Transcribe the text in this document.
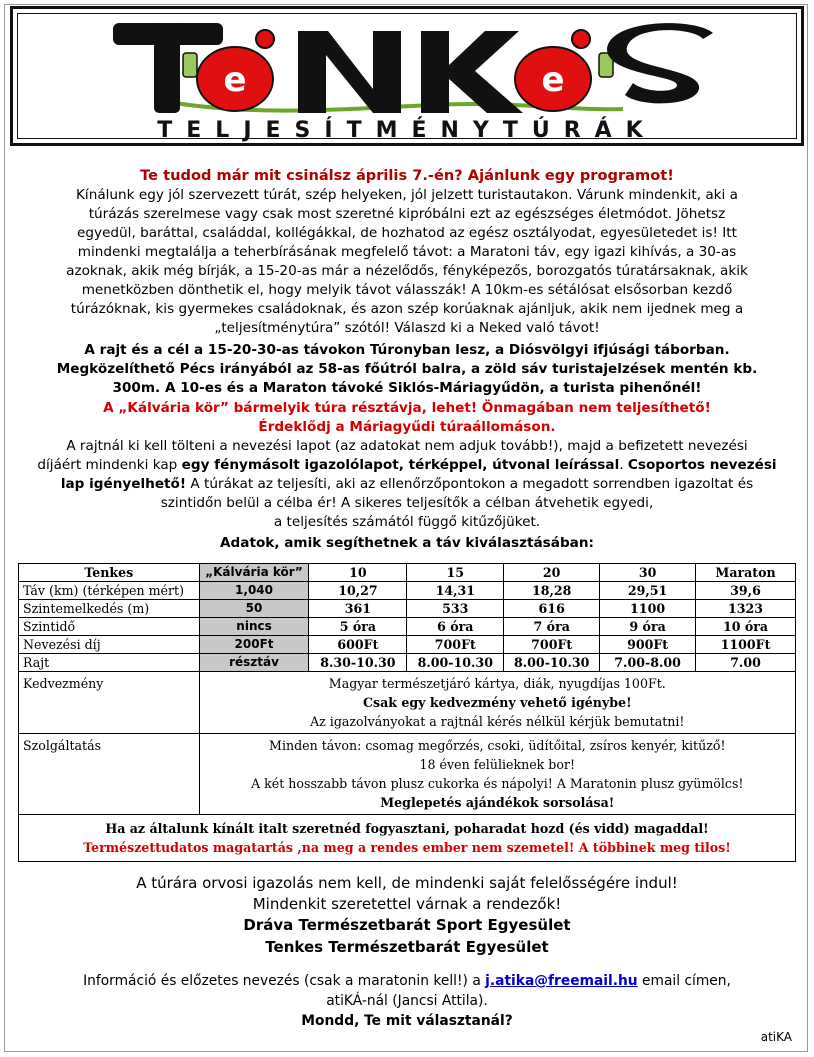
e	e
TELJESÍTMÉNYTÚRÁK
Te tudod már mit csinálsz április 7.-én? Ajánlunk egy programot!
Kínálunk egy jól szervezett túrát, szép helyeken, jól jelzett turistautakon. Várunk mindenkit, aki a
túrázás szerelmese vagy csak most szeretné kipróbálni ezt az egészséges életmódot. Jöhetsz
egyedül, baráttal, családdal, kollégákkal, de hozhatod az egész osztályodat, egyesületedet is! Itt
mindenki megtalálja a teherbírásának megfelelő távot: a Maratoni táv, egy igazi kihívás, a 30-as
azoknak, akik még bírják, a 15-20-as már a nézelődős, fényképezős, borozgatós túratársaknak, akik
menetközben dönthetik el, hogy melyik távot válasszák! A 10km-es sétálósat elsősorban kezdő
túrázóknak, kis gyermekes családoknak, és azon szép korúaknak ajánljuk, akik nem ijednek meg a
„teljesítménytúra” szótól! Válaszd ki a Neked való távot!
A rajt és a cél a 15-20-30-as távokon Túronyban lesz, a Diósvölgyi ifjúsági táborban.
Megközelíthető Pécs irányából az 58-as főútról balra, a zöld sáv turistajelzések mentén kb.
300m. A 10-es és a Maraton távoké Siklós-Máriagyűdön, a turista pihenőnél!
A „Kálvária kör” bármelyik túra résztávja, lehet! Önmagában nem teljesíthető!
Érdeklődj a Máriagyűdi túraállomáson.
A rajtnál ki kell tölteni a nevezési lapot (az adatokat nem adjuk tovább!), majd a befizetett nevezési
díjáért mindenki kap egy fénymásolt igazolólapot, térképpel, útvonal leírással. Csoportos nevezési
lap igényelhető! A túrákat az teljesíti, aki az ellenőrzőpontokon a megadott sorrendben igazoltat és
szintidőn belül a célba ér! A sikeres teljesítők a célban átvehetik egyedi,
a teljesítés számától függő kitűzőjüket.
Adatok, amik segíthetnek a táv kiválasztásában:
Tenkes	„Kálvária kör”	10	15	20	30	Maraton
Táv (km) (térképen mért)	1,040	10,27	14,31	18,28	29,51	39,6
Szintemelkedés (m)	50	361	533	616	1100	1323
Szintidő	nincs	5 óra	6 óra	7 óra	9 óra	10 óra
Nevezési díj	200Ft	600Ft	700Ft	700Ft	900Ft	1100Ft
Rajt	résztáv	8.30-10.30	8.00-10.30	8.00-10.30	7.00-8.00	7.00
Kedvezmény	Magyar természetjáró kártya, diák, nyugdíjas 100Ft.
Csak egy kedvezmény vehető igénybe!
Az igazolványokat a rajtnál kérés nélkül kérjük bemutatni!					

Szolgáltatás	Minden távon: csomag megőrzés, csoki, üdítőital, zsíros kenyér, kitűző!
18 éven felülieknek bor!
A két hosszabb távon plusz cukorka és nápolyi! A Maratonin plusz gyümölcs!
Meglepetés ajándékok sorsolása!					

Ha az általunk kínált italt szeretnéd fogyasztani, poharadat hozd (és vidd) magaddal!
Természettudatos magatartás ,na meg a rendes ember nem szemetel! A többinek meg tilos!						
A túrára orvosi igazolás nem kell, de mindenki saját felelősségére indul!
Mindenkit szeretettel várnak a rendezők!
Dráva Természetbarát Sport Egyesület
Tenkes Természetbarát Egyesület
Információ és előzetes nevezés (csak a maratonin kell!) a j.atika@freemail.hu email címen,
atiKÁ-nál (Jancsi Attila).
Mondd, Te mit választanál?
atiKA
